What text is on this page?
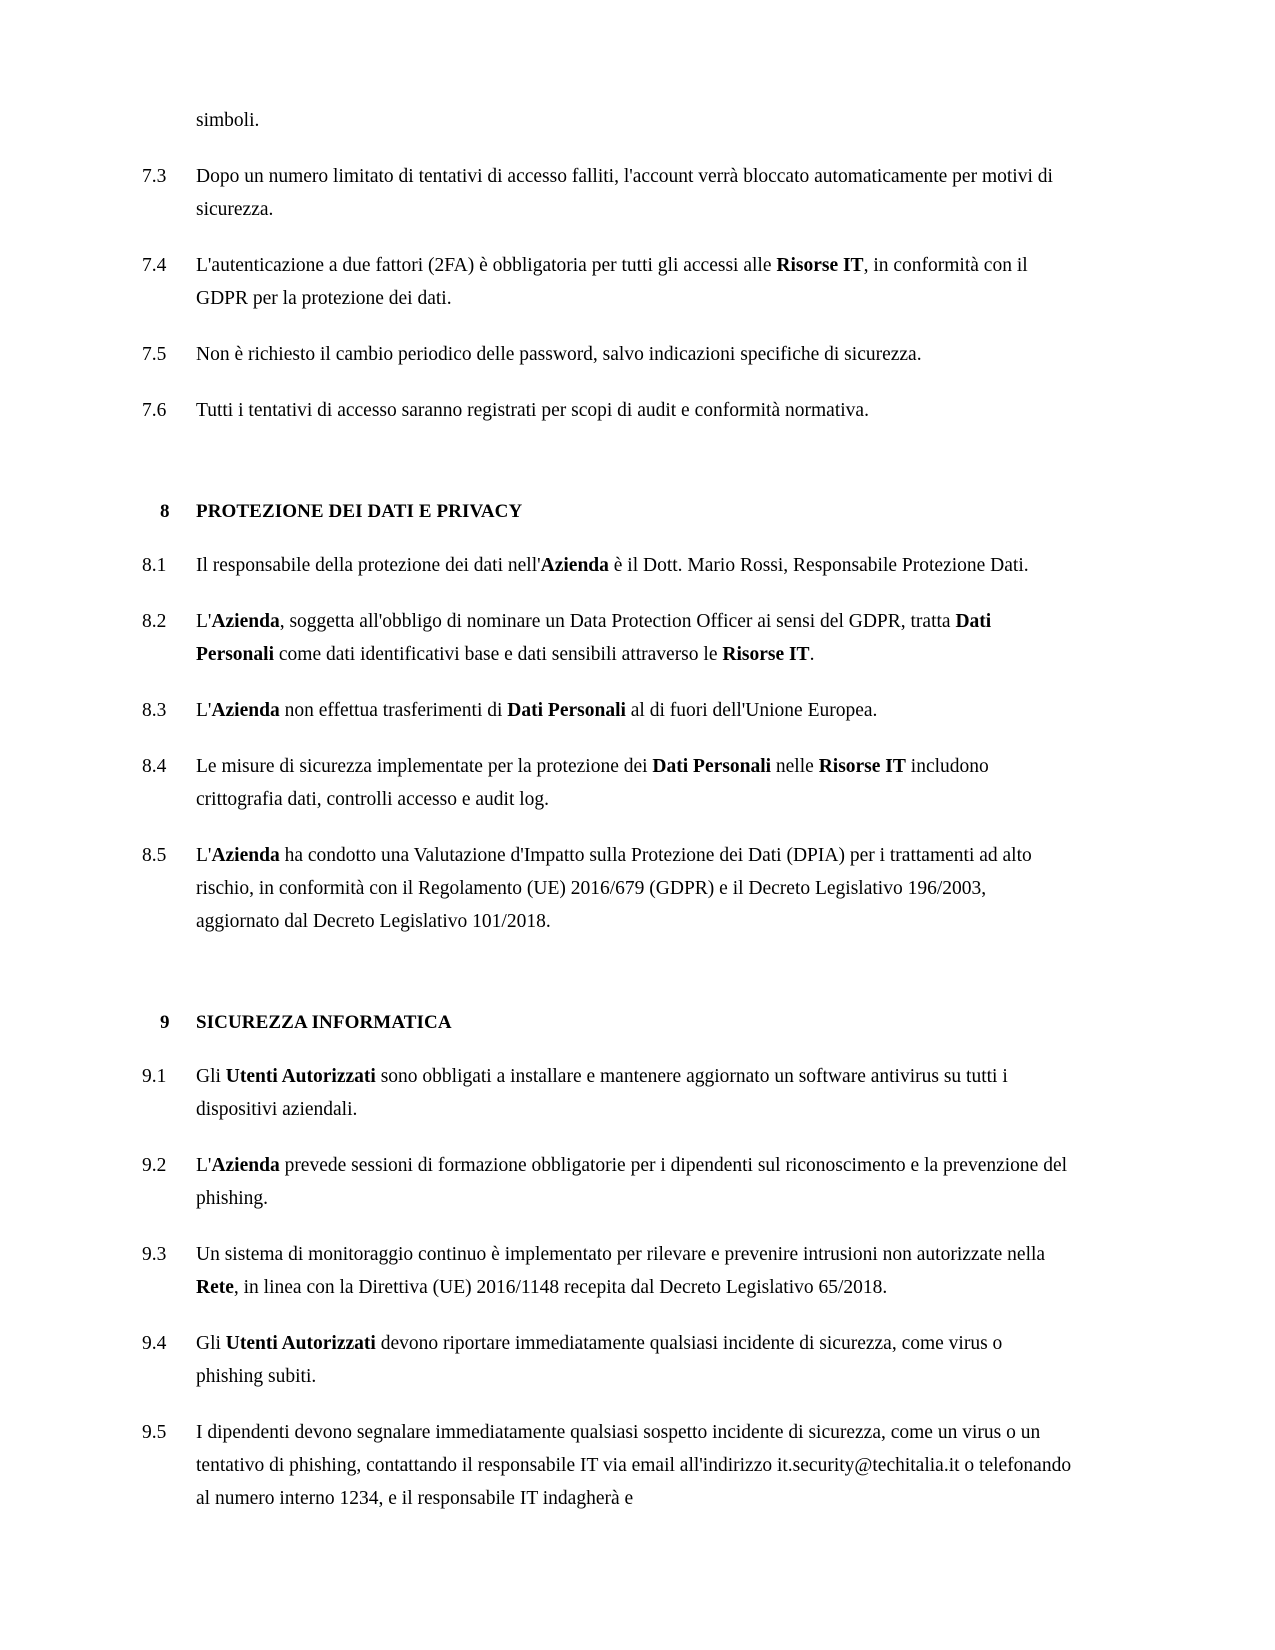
simboli.
7.3	Dopo un numero limitato di tentativi di accesso falliti, l'account verrà bloccato automaticamente per motivi di sicurezza.
7.4	L'autenticazione a due fattori (2FA) è obbligatoria per tutti gli accessi alle Risorse IT, in conformità con il GDPR per la protezione dei dati.
7.5	Non è richiesto il cambio periodico delle password, salvo indicazioni specifiche di sicurezza.
7.6	Tutti i tentativi di accesso saranno registrati per scopi di audit e conformità normativa.
8	PROTEZIONE DEI DATI E PRIVACY
8.1	Il responsabile della protezione dei dati nell'Azienda è il Dott. Mario Rossi, Responsabile Protezione Dati.
8.2	L'Azienda, soggetta all'obbligo di nominare un Data Protection Officer ai sensi del GDPR, tratta Dati Personali come dati identificativi base e dati sensibili attraverso le Risorse IT.
8.3	L'Azienda non effettua trasferimenti di Dati Personali al di fuori dell'Unione Europea.
8.4	Le misure di sicurezza implementate per la protezione dei Dati Personali nelle Risorse IT includono crittografia dati, controlli accesso e audit log.
8.5	L'Azienda ha condotto una Valutazione d'Impatto sulla Protezione dei Dati (DPIA) per i trattamenti ad alto rischio, in conformità con il Regolamento (UE) 2016/679 (GDPR) e il Decreto Legislativo 196/2003, aggiornato dal Decreto Legislativo 101/2018.
9	SICUREZZA INFORMATICA
9.1	Gli Utenti Autorizzati sono obbligati a installare e mantenere aggiornato un software antivirus su tutti i dispositivi aziendali.
9.2	L'Azienda prevede sessioni di formazione obbligatorie per i dipendenti sul riconoscimento e la prevenzione del phishing.
9.3	Un sistema di monitoraggio continuo è implementato per rilevare e prevenire intrusioni non autorizzate nella Rete, in linea con la Direttiva (UE) 2016/1148 recepita dal Decreto Legislativo 65/2018.
9.4	Gli Utenti Autorizzati devono riportare immediatamente qualsiasi incidente di sicurezza, come virus o phishing subiti.
9.5	I dipendenti devono segnalare immediatamente qualsiasi sospetto incidente di sicurezza, come un virus o un tentativo di phishing, contattando il responsabile IT via email all'indirizzo it.security@techitalia.it o telefonando al numero interno 1234, e il responsabile IT indagherà e
